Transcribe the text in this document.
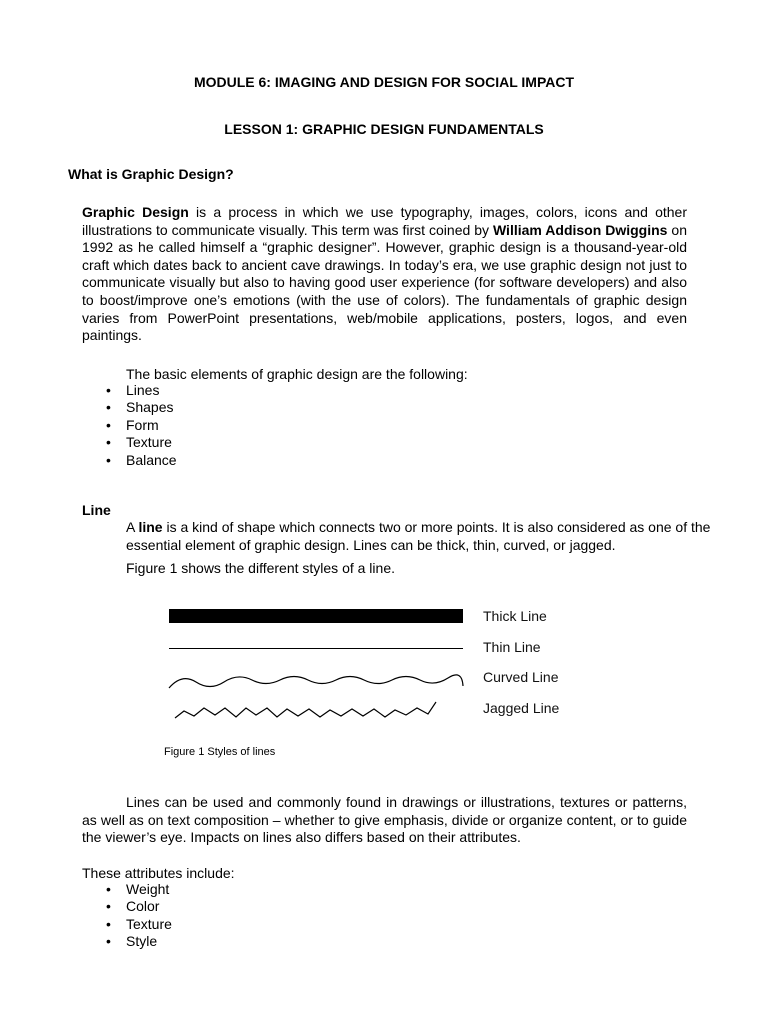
MODULE 6: IMAGING AND DESIGN FOR SOCIAL IMPACT
LESSON 1: GRAPHIC DESIGN FUNDAMENTALS
What is Graphic Design?

Graphic Design is a process in which we use typography, images, colors, icons and other illustrations to communicate visually. This term was first coined by William Addison Dwiggins on 1992 as he called himself a “graphic designer”. However, graphic design is a thousand-year-old craft which dates back to ancient cave drawings. In today’s era, we use graphic design not just to communicate visually but also to having good user experience (for software developers) and also to boost/improve one’s emotions (with the use of colors). The fundamentals of graphic design varies from PowerPoint presentations, web/mobile applications, posters, logos, and even paintings.

The basic elements of graphic design are the following:

• Lines
• Shapes
• Form
• Texture
• Balance
Line

A line is a kind of shape which connects two or more points. It is also considered as one of the essential element of graphic design. Lines can be thick, thin, curved, or jagged.

Figure 1 shows the different styles of a line.

Thick Line
Thin Line
Curved Line
Jagged Line
Figure 1 Styles of lines

Lines can be used and commonly found in drawings or illustrations, textures or patterns, as well as on text composition – whether to give emphasis, divide or organize content, or to guide the viewer’s eye. Impacts on lines also differs based on their attributes.

These attributes include:

• Weight
• Color
• Texture
• Style
